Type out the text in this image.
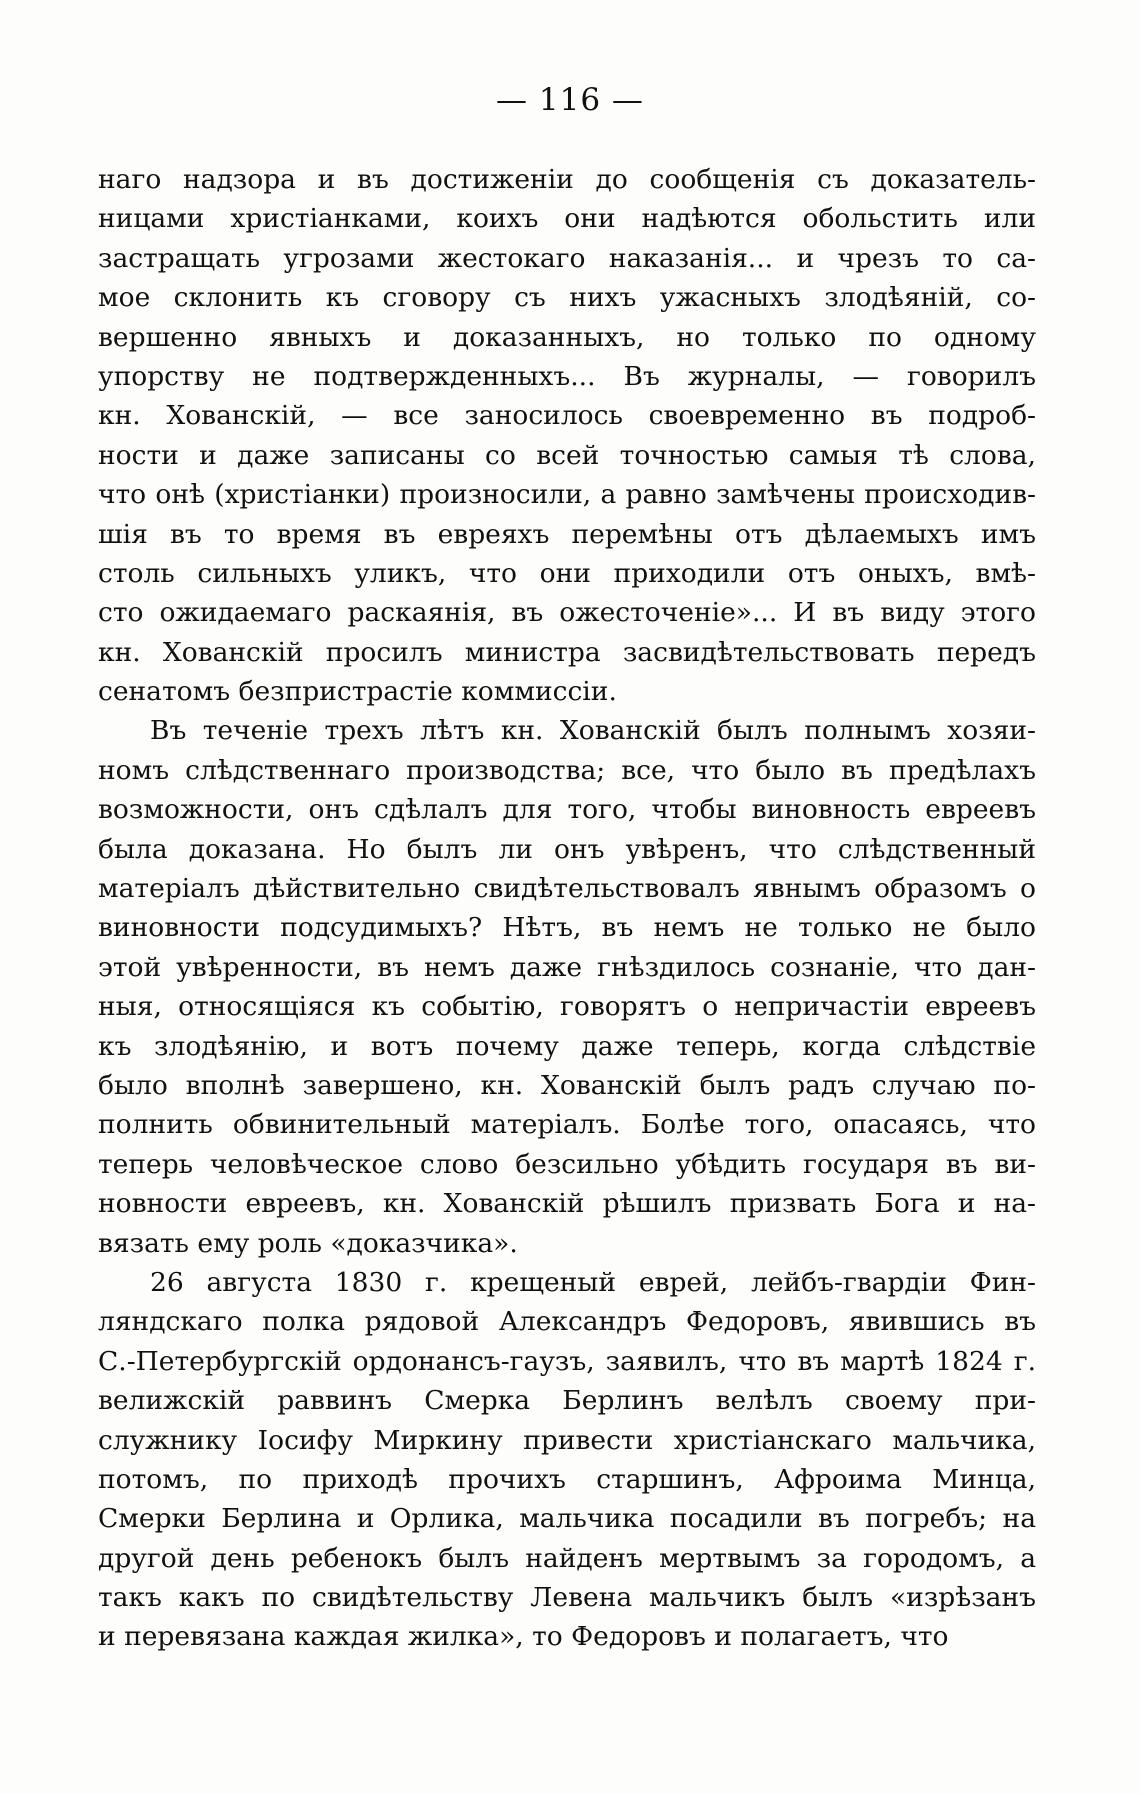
— 116 —
наго надзора и въ достиженіи до сообщенія съ доказатель-
ницами христіанками, коихъ они надѣются обольстить или
застращать угрозами жестокаго наказанія... и чрезъ то са-
мое склонить къ сговору съ нихъ ужасныхъ злодѣяній, со-
вершенно явныхъ и доказанныхъ, но только по одному
упорству не подтвержденныхъ... Въ журналы, — говорилъ
кн. Хованскій, — все заносилось своевременно въ подроб-
ности и даже записаны со всей точностью самыя тѣ слова,
что онѣ (христіанки) произносили, а равно замѣчены происходив-
шія въ то время въ евреяхъ перемѣны отъ дѣлаемыхъ имъ
столь сильныхъ уликъ, что они приходили отъ оныхъ, вмѣ-
сто ожидаемаго раскаянія, въ ожесточеніе»... И въ виду этого
кн. Хованскій просилъ министра засвидѣтельствовать передъ
сенатомъ безпристрастіе коммиссіи.
Въ теченіе трехъ лѣтъ кн. Хованскій былъ полнымъ хозяи-
номъ слѣдственнаго производства; все, что было въ предѣлахъ
возможности, онъ сдѣлалъ для того, чтобы виновность евреевъ
была доказана. Но былъ ли онъ увѣренъ, что слѣдственный
матеріалъ дѣйствительно свидѣтельствовалъ явнымъ образомъ о
виновности подсудимыхъ? Нѣтъ, въ немъ не только не было
этой увѣренности, въ немъ даже гнѣздилось сознаніе, что дан-
ныя, относящіяся къ событію, говорятъ о непричастіи евреевъ
къ злодѣянію, и вотъ почему даже теперь, когда слѣдствіе
было вполнѣ завершено, кн. Хованскій былъ радъ случаю по-
полнить обвинительный матеріалъ. Болѣе того, опасаясь, что
теперь человѣческое слово безсильно убѣдить государя въ ви-
новности евреевъ, кн. Хованскій рѣшилъ призвать Бога и на-
вязать ему роль «доказчика».
26 августа 1830 г. крещеный еврей, лейбъ-гвардіи Фин-
ляндскаго полка рядовой Александръ Федоровъ, явившись въ
С.-Петербургскій ордонансъ-гаузъ, заявилъ, что въ мартѣ 1824 г.
велижскій раввинъ Смерка Берлинъ велѣлъ своему при-
служнику Іосифу Миркину привести христіанскаго мальчика,
потомъ, по приходѣ прочихъ старшинъ, Афроима Минца,
Смерки Берлина и Орлика, мальчика посадили въ погребъ; на
другой день ребенокъ былъ найденъ мертвымъ за городомъ, а
такъ какъ по свидѣтельству Левена мальчикъ былъ «изрѣзанъ
и перевязана каждая жилка», то Федоровъ и полагаетъ, что
